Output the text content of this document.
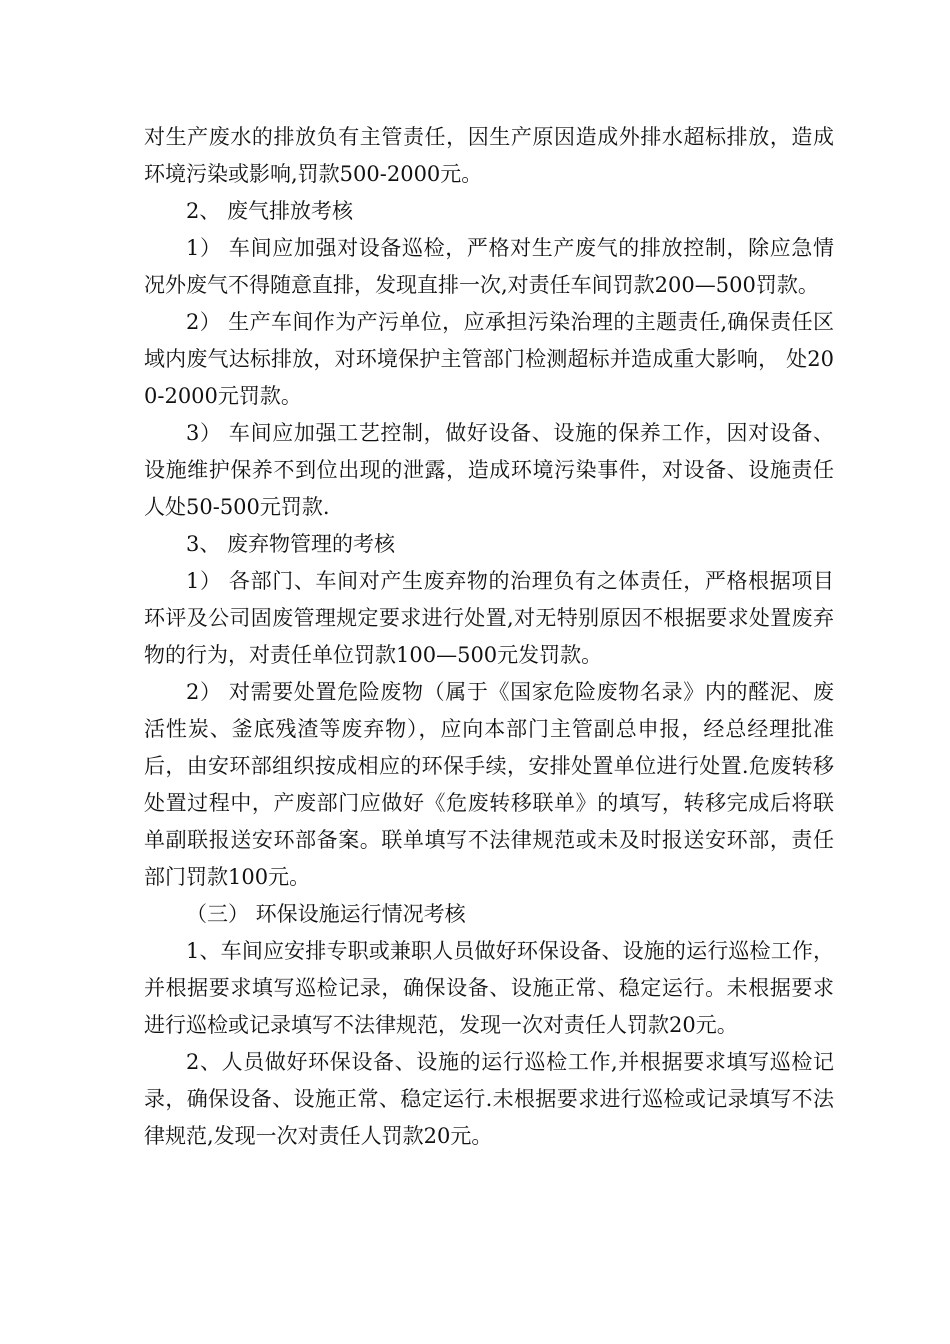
对生产废水的排放负有主管责任，因生产原因造成外排水超标排放，造成环境污染或影响,罚款500-2000元。

2、 废气排放考核

1） 车间应加强对设备巡检，严格对生产废气的排放控制，除应急情况外废气不得随意直排，发现直排一次,对责任车间罚款200—500罚款。

2） 生产车间作为产污单位，应承担污染治理的主题责任,确保责任区域内废气达标排放，对环境保护主管部门检测超标并造成重大影响， 处200-2000元罚款。

3） 车间应加强工艺控制，做好设备、设施的保养工作，因对设备、设施维护保养不到位出现的泄露，造成环境污染事件，对设备、设施责任人处50-500元罚款.

3、 废弃物管理的考核

1） 各部门、车间对产生废弃物的治理负有之体责任，严格根据项目环评及公司固废管理规定要求进行处置,对无特别原因不根据要求处置废弃物的行为，对责任单位罚款100—500元发罚款。

2） 对需要处置危险废物（属于《国家危险废物名录》内的醛泥、废活性炭、釜底残渣等废弃物），应向本部门主管副总申报，经总经理批准后，由安环部组织按成相应的环保手续，安排处置单位进行处置.危废转移处置过程中，产废部门应做好《危废转移联单》的填写，转移完成后将联单副联报送安环部备案。联单填写不法律规范或未及时报送安环部，责任部门罚款100元。

（三） 环保设施运行情况考核

1、车间应安排专职或兼职人员做好环保设备、设施的运行巡检工作，并根据要求填写巡检记录，确保设备、设施正常、稳定运行。未根据要求进行巡检或记录填写不法律规范，发现一次对责任人罚款20元。

2、人员做好环保设备、设施的运行巡检工作,并根据要求填写巡检记录，确保设备、设施正常、稳定运行.未根据要求进行巡检或记录填写不法律规范,发现一次对责任人罚款20元。
